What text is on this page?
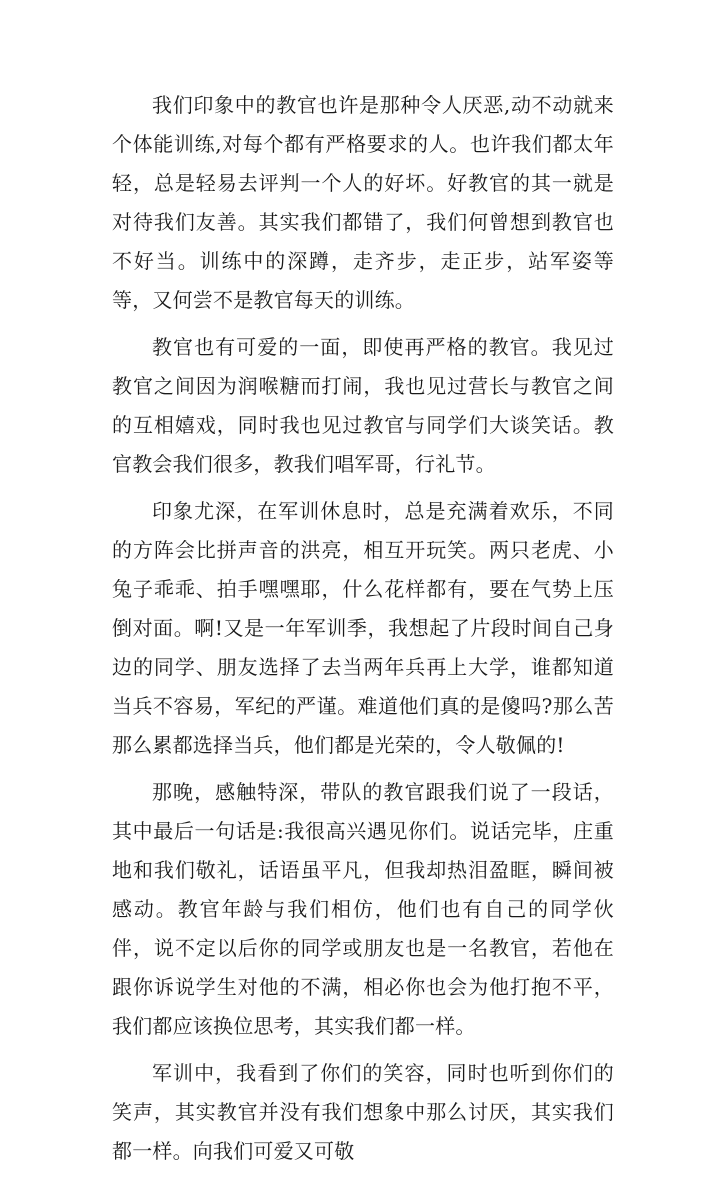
我们印象中的教官也许是那种令人厌恶,动不动就来个体能训练,对每个都有严格要求的人。也许我们都太年轻，总是轻易去评判一个人的好坏。好教官的其一就是对待我们友善。其实我们都错了，我们何曾想到教官也不好当。训练中的深蹲，走齐步，走正步，站军姿等等，又何尝不是教官每天的训练。

教官也有可爱的一面，即使再严格的教官。我见过教官之间因为润喉糖而打闹，我也见过营长与教官之间的互相嬉戏，同时我也见过教官与同学们大谈笑话。教官教会我们很多，教我们唱军哥，行礼节。

印象尤深，在军训休息时，总是充满着欢乐，不同的方阵会比拼声音的洪亮，相互开玩笑。两只老虎、小兔子乖乖、拍手嘿嘿耶，什么花样都有，要在气势上压倒对面。啊!又是一年军训季，我想起了片段时间自己身边的同学、朋友选择了去当两年兵再上大学，谁都知道当兵不容易，军纪的严谨。难道他们真的是傻吗?那么苦那么累都选择当兵，他们都是光荣的，令人敬佩的!

那晚，感触特深，带队的教官跟我们说了一段话，其中最后一句话是:我很高兴遇见你们。说话完毕，庄重地和我们敬礼，话语虽平凡，但我却热泪盈眶，瞬间被感动。教官年龄与我们相仿，他们也有自己的同学伙伴，说不定以后你的同学或朋友也是一名教官，若他在跟你诉说学生对他的不满，相必你也会为他打抱不平，我们都应该换位思考，其实我们都一样。

军训中，我看到了你们的笑容，同时也听到你们的笑声，其实教官并没有我们想象中那么讨厌，其实我们都一样。向我们可爱又可敬
